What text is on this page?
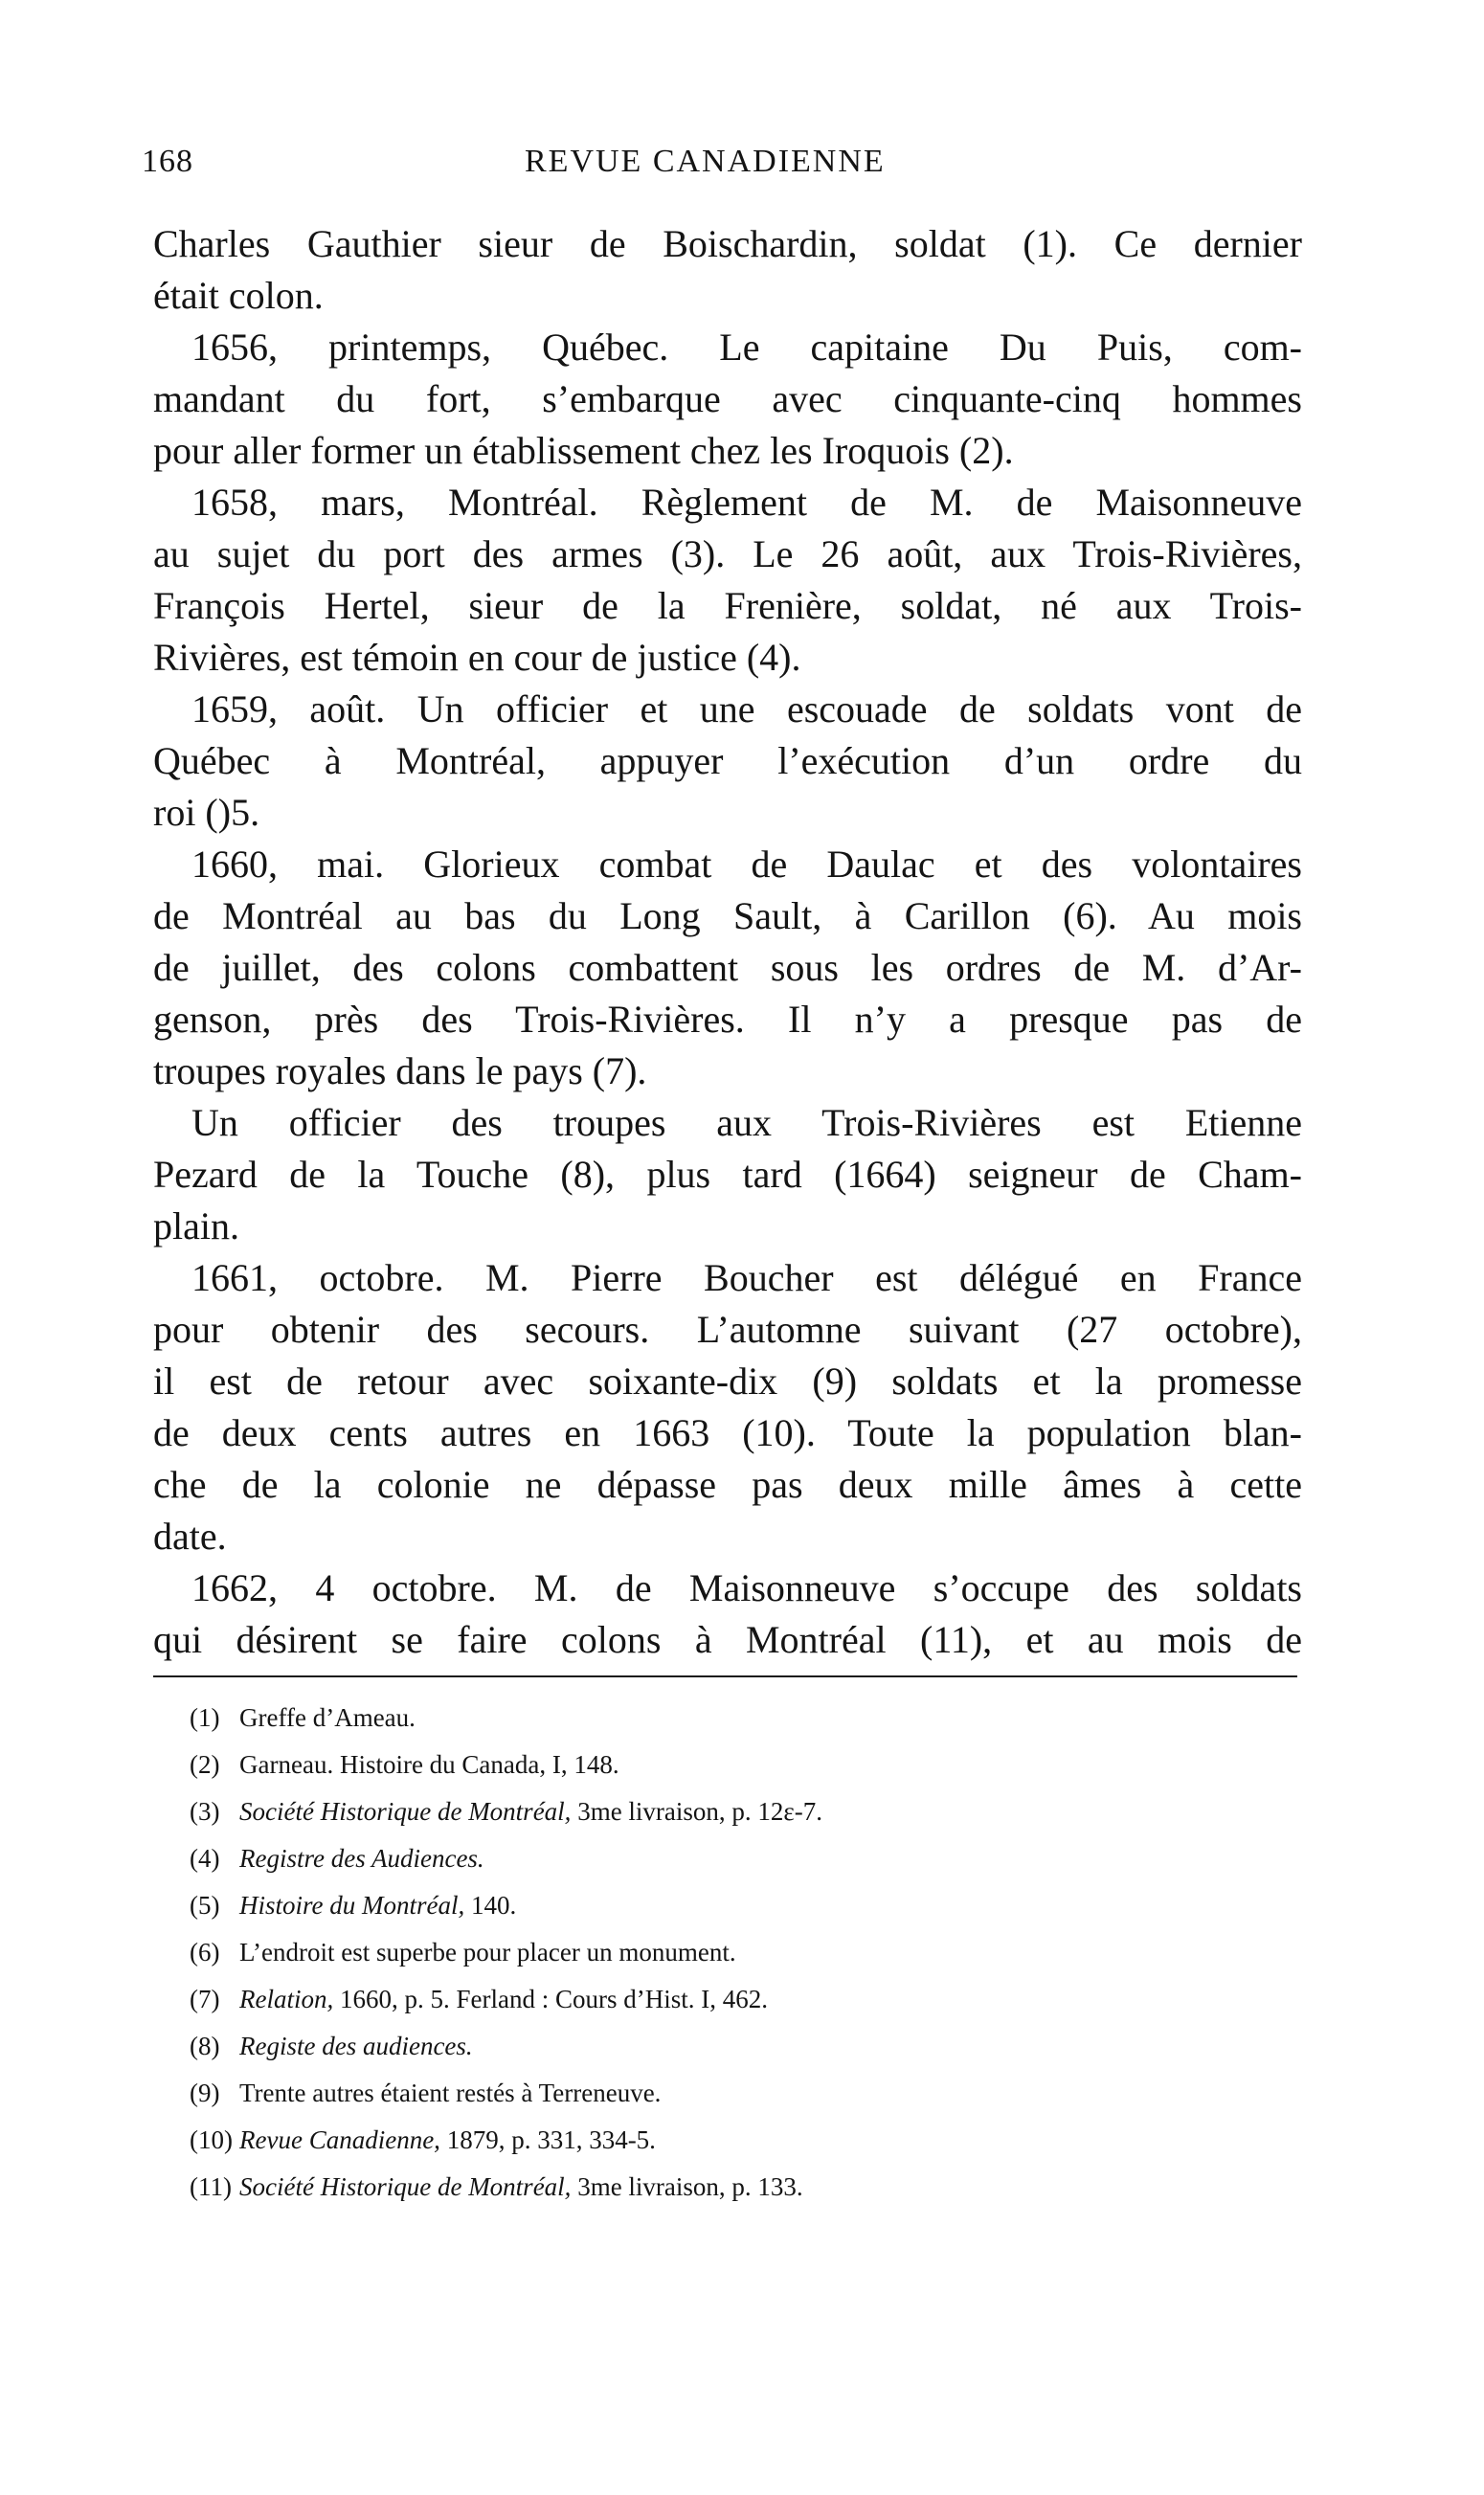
168	REVUE CANADIENNE
Charles Gauthier sieur de Boischardin, soldat (1). Ce dernier
était colon.
1656, printemps, Québec. Le capitaine Du Puis, com-
mandant du fort, s’embarque avec cinquante-cinq hommes
pour aller former un établissement chez les Iroquois (2).
1658, mars, Montréal. Règlement de M. de Maisonneuve
au sujet du port des armes (3). Le 26 août, aux Trois-Rivières,
François Hertel, sieur de la Frenière, soldat, né aux Trois-
Rivières, est témoin en cour de justice (4).
1659, août. Un officier et une escouade de soldats vont de
Québec à Montréal, appuyer l’exécution d’un ordre du
roi ()5.
1660, mai. Glorieux combat de Daulac et des volontaires
de Montréal au bas du Long Sault, à Carillon (6). Au mois
de juillet, des colons combattent sous les ordres de M. d’Ar-
genson, près des Trois-Rivières. Il n’y a presque pas de
troupes royales dans le pays (7).
Un officier des troupes aux Trois-Rivières est Etienne
Pezard de la Touche (8), plus tard (1664) seigneur de Cham-
plain.
1661, octobre. M. Pierre Boucher est délégué en France
pour obtenir des secours. L’automne suivant (27 octobre),
il est de retour avec soixante-dix (9) soldats et la promesse
de deux cents autres en 1663 (10). Toute la population blan-
che de la colonie ne dépasse pas deux mille âmes à cette
date.
1662, 4 octobre. M. de Maisonneuve s’occupe des soldats
qui désirent se faire colons à Montréal (11), et au mois de
(1) Greffe d’Ameau.
(2) Garneau. Histoire du Canada, I, 148.
(3) Société Historique de Montréal, 3me livraison, p. 12ε-7.
(4) Registre des Audiences.
(5) Histoire du Montréal, 140.
(6) L’endroit est superbe pour placer un monument.
(7) Relation, 1660, p. 5. Ferland : Cours d’Hist. I, 462.
(8) Registe des audiences.
(9) Trente autres étaient restés à Terreneuve.
(10) Revue Canadienne, 1879, p. 331, 334-5.
(11) Société Historique de Montréal, 3me livraison, p. 133.
